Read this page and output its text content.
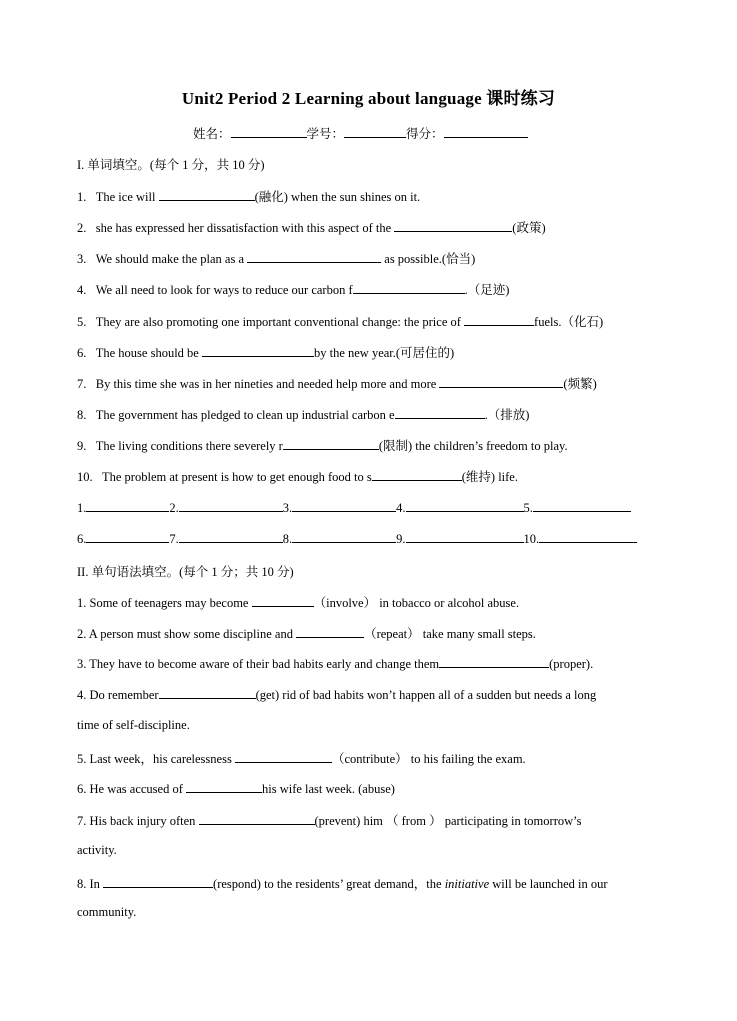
Unit2 Period 2 Learning about language 课时练习
姓名：	学号：	得分：
I. 单词填空。(每个 1 分，共 10 分)
1. The ice will	(融化) when the sun shines on it.
2. she has expressed her dissatisfaction with this aspect of the	(政策)
3. We should make the plan as a	as possible.(恰当)
4. We all need to look for ways to reduce our carbon f	.（足迹)
5. They are also promoting one important conventional change: the price of	fuels.（化石)
6. The house should be	by the new year.(可居住的)
7. By this time she was in her nineties and needed help more and more	(频繁)
8. The government has pledged to clean up industrial carbon e	.（排放)
9. The living conditions there severely r	(限制) the children’s freedom to play.
10. The problem at present is how to get enough food to s	(维持) life.
1.	2.	3.	4.	5.
6.	7.	8.	9.	10.
II. 单句语法填空。(每个 1 分；共 10 分)
1. Some of teenagers may become	（involve） in tobacco or alcohol abuse.
2. A person must show some discipline and	（repeat） take many small steps.
3. They have to become aware of their bad habits early and change them	(proper).
4. Do remember	(get) rid of bad habits won’t happen all of a sudden but needs a long
time of self-discipline.
5. Last week，his carelessness	（contribute） to his failing the exam.
6. He was accused of	his wife last week. (abuse)
7. His back injury often	(prevent) him （ from ） participating in tomorrow’s
activity.
8. In	(respond) to the residents’ great demand，the initiative will be launched in our
community.
